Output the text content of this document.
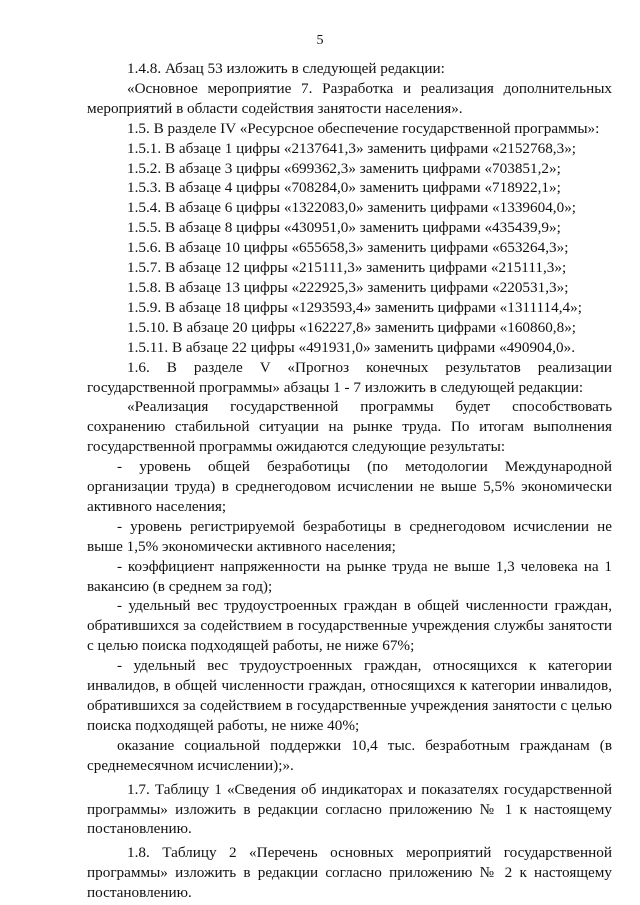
5

1.4.8. Абзац 53 изложить в следующей редакции:

«Основное мероприятие 7. Разработка и реализация дополнительных мероприятий в области содействия занятости населения».

1.5. В разделе IV «Ресурсное обеспечение государственной программы»:

1.5.1. В абзаце 1 цифры «2137641,3» заменить цифрами «2152768,3»;
1.5.2. В абзаце 3 цифры «699362,3» заменить цифрами «703851,2»;
1.5.3. В абзаце 4 цифры «708284,0» заменить цифрами «718922,1»;
1.5.4. В абзаце 6 цифры «1322083,0» заменить цифрами «1339604,0»;
1.5.5. В абзаце 8 цифры «430951,0» заменить цифрами «435439,9»;
1.5.6. В абзаце 10 цифры «655658,3» заменить цифрами «653264,3»;
1.5.7. В абзаце 12 цифры «215111,3» заменить цифрами «215111,3»;
1.5.8. В абзаце 13 цифры «222925,3» заменить цифрами «220531,3»;
1.5.9. В абзаце 18 цифры «1293593,4» заменить цифрами «1311114,4»;
1.5.10. В абзаце 20 цифры «162227,8» заменить цифрами «160860,8»;
1.5.11. В абзаце 22 цифры «491931,0» заменить цифрами «490904,0».

1.6. В разделе V «Прогноз конечных результатов реализации государственной программы» абзацы 1 - 7 изложить в следующей редакции:

«Реализация государственной программы будет способствовать сохранению стабильной ситуации на рынке труда. По итогам выполнения государственной программы ожидаются следующие результаты:

- уровень общей безработицы (по методологии Международной организации труда) в среднегодовом исчислении не выше 5,5% экономически активного населения;

- уровень регистрируемой безработицы в среднегодовом исчислении не выше 1,5% экономически активного населения;

- коэффициент напряженности на рынке труда не выше 1,3 человека на 1 вакансию (в среднем за год);

- удельный вес трудоустроенных граждан в общей численности граждан, обратившихся за содействием в государственные учреждения службы занятости с целью поиска подходящей работы, не ниже 67%;

- удельный вес трудоустроенных граждан, относящихся к категории инвалидов, в общей численности граждан, относящихся к категории инвалидов, обратившихся за содействием в государственные учреждения занятости с целью поиска подходящей работы, не ниже 40%;

оказание социальной поддержки 10,4 тыс. безработным гражданам (в среднемесячном исчислении);».

1.7. Таблицу 1 «Сведения об индикаторах и показателях государственной программы» изложить в редакции согласно приложению № 1 к настоящему постановлению.

1.8. Таблицу 2 «Перечень основных мероприятий государственной программы» изложить в редакции согласно приложению № 2 к настоящему постановлению.
